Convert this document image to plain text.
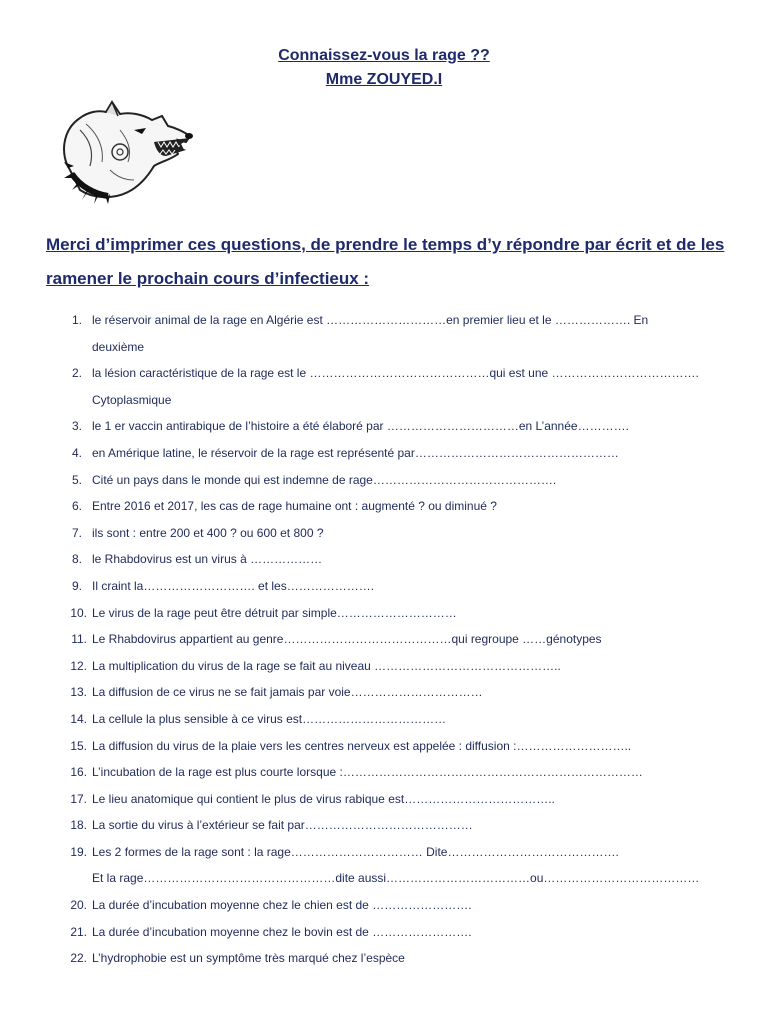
Connaissez-vous la rage ??
Mme ZOUYED.I
Merci d’imprimer ces questions, de prendre le temps d’y répondre par écrit et de les ramener le prochain cours d’infectieux :
1. le réservoir animal de la rage en Algérie est …………………………en premier lieu et le ………………. En
deuxième
2. la lésion caractéristique de la rage est le ………………………………………qui est une ……………………………….
Cytoplasmique
3. le 1 er vaccin antirabique de l’histoire a été élaboré par ……………………………en L’année………….
4. en Amérique latine, le réservoir de la rage est représenté par……………………………………………
5. Cité un pays dans le monde qui est indemne de rage……………………………………….
6. Entre 2016 et 2017, les cas de rage humaine ont : augmenté ? ou diminué ?
7. ils sont : entre 200 et 400 ? ou 600 et 800 ?
8. le Rhabdovirus est un virus à ………………
9. Il craint la………………………. et les………………….
10. Le virus de la rage peut être détruit par simple…………………………
11. Le Rhabdovirus appartient au genre……………………………………qui regroupe ……génotypes
12. La multiplication du virus de la rage se fait au niveau ………………………………………..
13. La diffusion de ce virus ne se fait jamais par voie……………………………
14. La cellule la plus sensible à ce virus est………………………………
15. La diffusion du virus de la plaie vers les centres nerveux est appelée : diffusion :………………………..
16. L’incubation de la rage est plus courte lorsque :…………………………………………………………………
17. Le lieu anatomique qui contient le plus de virus rabique est………………………………..
18. La sortie du virus à l’extérieur se fait par……………………………………
19. Les 2 formes de la rage sont : la rage…………………………… Dite…………………………………….
Et la rage…………………………………………dite aussi………………………………ou…………………………………
20. La durée d’incubation moyenne chez le chien est de …………………….
21. La durée d’incubation moyenne chez le bovin est de …………………….
22. L’hydrophobie est un symptôme très marqué chez l’espèce
